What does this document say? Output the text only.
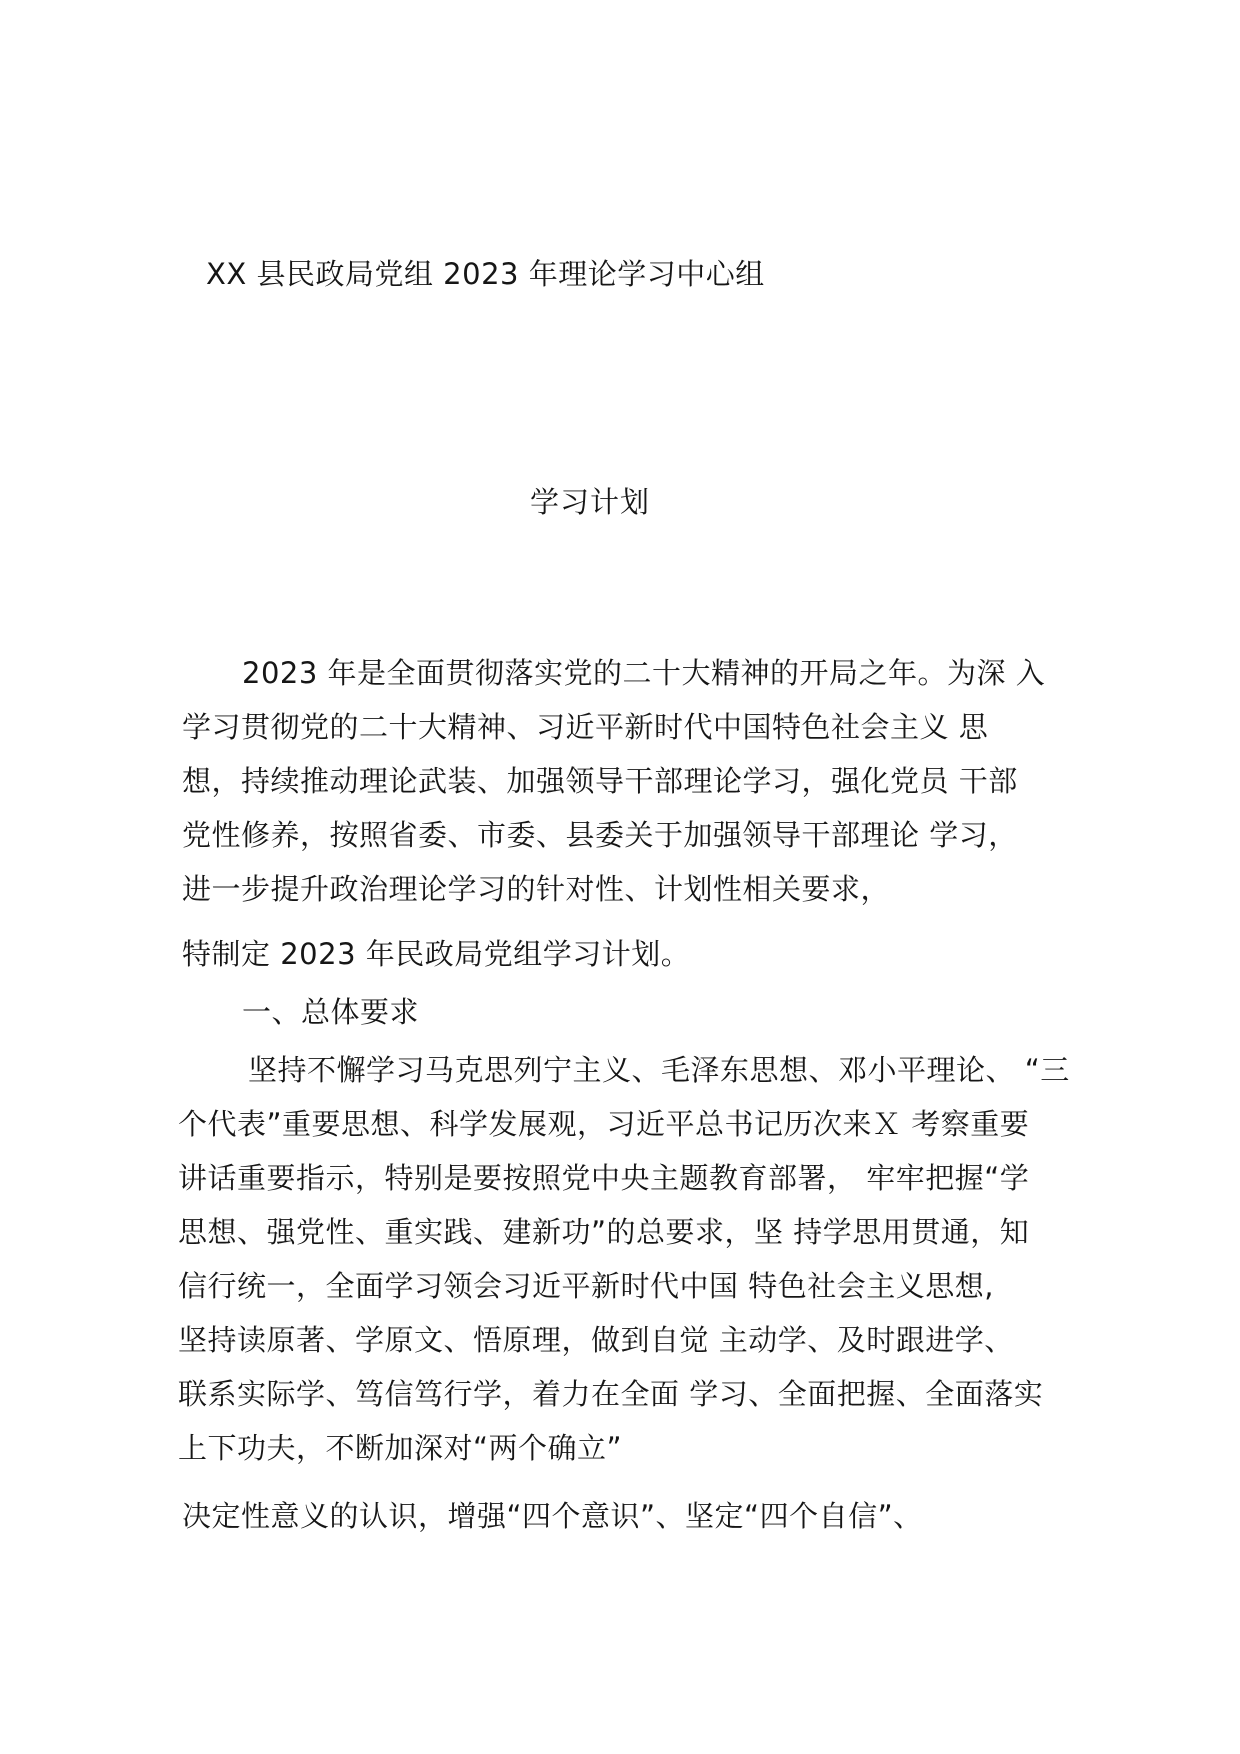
XX 县民政局党组 2023 年理论学习中心组
学习计划
2023 年是全面贯彻落实党的二十大精神的开局之年。为深 入
学习贯彻党的二十大精神、习近平新时代中国特色社会主义 思
想，持续推动理论武装、加强领导干部理论学习，强化党员 干部
党性修养，按照省委、市委、县委关于加强领导干部理论 学习，
进一步提升政治理论学习的针对性、计划性相关要求，
特制定 2023 年民政局党组学习计划。
一、总体要求
坚持不懈学习马克思列宁主义、毛泽东思想、邓小平理论、 “三
个代表”重要思想、科学发展观，习近平总书记历次来Ｘ 考察重要
讲话重要指示，特别是要按照党中央主题教育部署， 牢牢把握“学
思想、强党性、重实践、建新功”的总要求，坚 持学思用贯通，知
信行统一，全面学习领会习近平新时代中国 特色社会主义思想,
坚持读原著、学原文、悟原理，做到自觉 主动学、及时跟进学、
联系实际学、笃信笃行学，着力在全面 学习、全面把握、全面落实
上下功夫，不断加深对“两个确立”
决定性意义的认识，增强“四个意识”、坚定“四个自信”、
